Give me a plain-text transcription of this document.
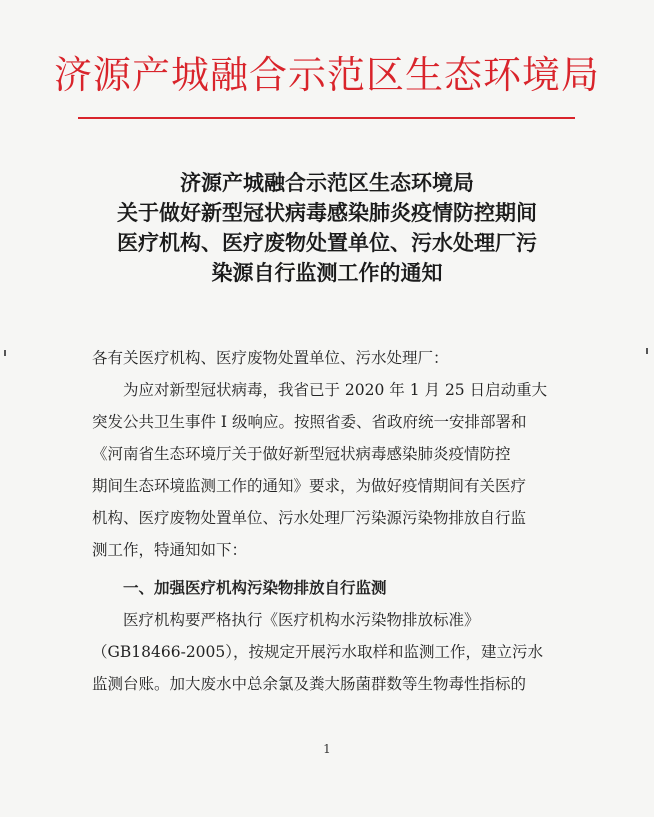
济源产城融合示范区生态环境局
济源产城融合示范区生态环境局
关于做好新型冠状病毒感染肺炎疫情防控期间
医疗机构、医疗废物处置单位、污水处理厂污
染源自行监测工作的通知

各有关医疗机构、医疗废物处置单位、污水处理厂：

　　为应对新型冠状病毒，我省已于 2020 年 1 月 25 日启动重大

突发公共卫生事件 I 级响应。按照省委、省政府统一安排部署和

《河南省生态环境厅关于做好新型冠状病毒感染肺炎疫情防控

期间生态环境监测工作的通知》要求，为做好疫情期间有关医疗

机构、医疗废物处置单位、污水处理厂污染源污染物排放自行监

测工作，特通知如下：

　　一、加强医疗机构污染物排放自行监测

　　医疗机构要严格执行《医疗机构水污染物排放标准》

（GB18466-2005），按规定开展污水取样和监测工作，建立污水

监测台账。加大废水中总余氯及粪大肠菌群数等生物毒性指标的

1
